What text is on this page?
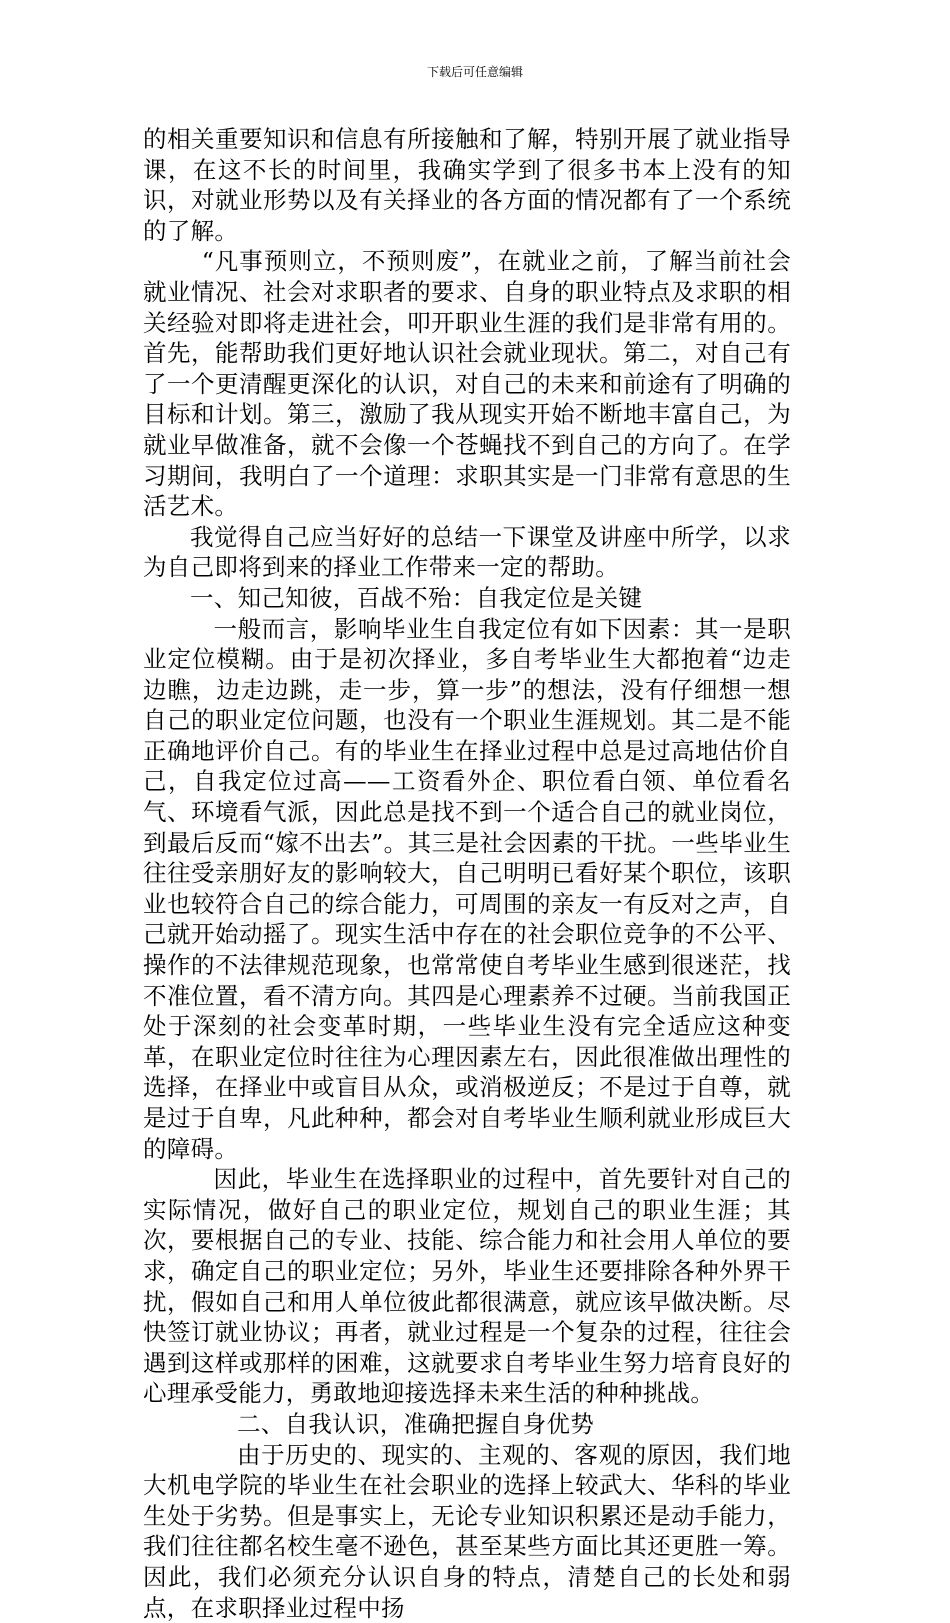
下载后可任意编辑

的相关重要知识和信息有所接触和了解，特别开展了就业指导课，在这不长的时间里，我确实学到了很多书本上没有的知识，对就业形势以及有关择业的各方面的情况都有了一个系统的了解。

“凡事预则立，不预则废”，在就业之前，了解当前社会就业情况、社会对求职者的要求、自身的职业特点及求职的相关经验对即将走进社会，叩开职业生涯的我们是非常有用的。首先，能帮助我们更好地认识社会就业现状。第二，对自己有了一个更清醒更深化的认识，对自己的未来和前途有了明确的目标和计划。第三，激励了我从现实开始不断地丰富自己，为就业早做准备，就不会像一个苍蝇找不到自己的方向了。在学习期间，我明白了一个道理：求职其实是一门非常有意思的生活艺术。

我觉得自己应当好好的总结一下课堂及讲座中所学，以求为自己即将到来的择业工作带来一定的帮助。

一、知己知彼，百战不殆：自我定位是关键

一般而言，影响毕业生自我定位有如下因素：其一是职业定位模糊。由于是初次择业，多自考毕业生大都抱着“边走边瞧，边走边跳，走一步，算一步”的想法，没有仔细想一想自己的职业定位问题，也没有一个职业生涯规划。其二是不能正确地评价自己。有的毕业生在择业过程中总是过高地估价自己，自我定位过高——工资看外企、职位看白领、单位看名气、环境看气派，因此总是找不到一个适合自己的就业岗位，到最后反而“嫁不出去”。其三是社会因素的干扰。一些毕业生往往受亲朋好友的影响较大，自己明明已看好某个职位，该职业也较符合自己的综合能力，可周围的亲友一有反对之声，自己就开始动摇了。现实生活中存在的社会职位竞争的不公平、操作的不法律规范现象，也常常使自考毕业生感到很迷茫，找不准位置，看不清方向。其四是心理素养不过硬。当前我国正处于深刻的社会变革时期，一些毕业生没有完全适应这种变革，在职业定位时往往为心理因素左右，因此很准做出理性的选择，在择业中或盲目从众，或消极逆反；不是过于自尊，就是过于自卑，凡此种种，都会对自考毕业生顺利就业形成巨大的障碍。

因此，毕业生在选择职业的过程中，首先要针对自己的实际情况，做好自己的职业定位，规划自己的职业生涯；其次，要根据自己的专业、技能、综合能力和社会用人单位的要求，确定自己的职业定位；另外，毕业生还要排除各种外界干扰，假如自己和用人单位彼此都很满意，就应该早做决断。尽快签订就业协议；再者，就业过程是一个复杂的过程，往往会遇到这样或那样的困难，这就要求自考毕业生努力培育良好的心理承受能力，勇敢地迎接选择未来生活的种种挑战。

二、自我认识，准确把握自身优势

由于历史的、现实的、主观的、客观的原因，我们地大机电学院的毕业生在社会职业的选择上较武大、华科的毕业生处于劣势。但是事实上，无论专业知识积累还是动手能力，我们往往都名校生毫不逊色，甚至某些方面比其还更胜一筹。因此，我们必须充分认识自身的特点，清楚自己的长处和弱点，在求职择业过程中扬
